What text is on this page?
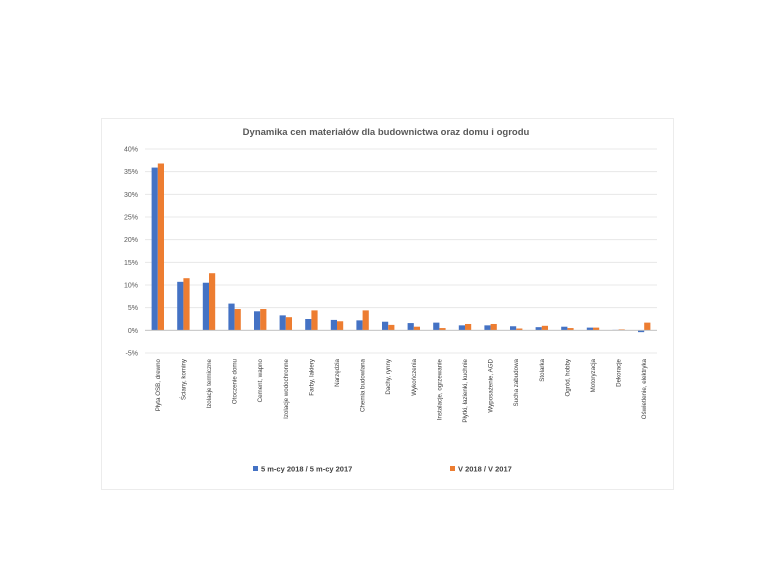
Dynamika cen materiałów dla budownictwa oraz domu i ogrodu
-5%
0%
5%
10%
15%
20%
25%
30%
35%
40%
Płyta OSB, drewno	Ściany, kominy	Izolacje termiczne	Otoczenie domu	Cement, wapno	Izolacje wodochronne	Farby, lakiery	Narzędzia	Chemia budowlana	Dachy, rynny	Wykończenia	Instalacje, ogrzewanie	Płytki, łazienki, kuchnie	Wyposażenie, AGD	Sucha zabudowa	Stolarka	Ogród, hobby	Motoryzacja	Dekoracje	Oświetlenie, elektryka
5 m-cy 2018 / 5 m-cy 2017	V 2018 / V 2017
